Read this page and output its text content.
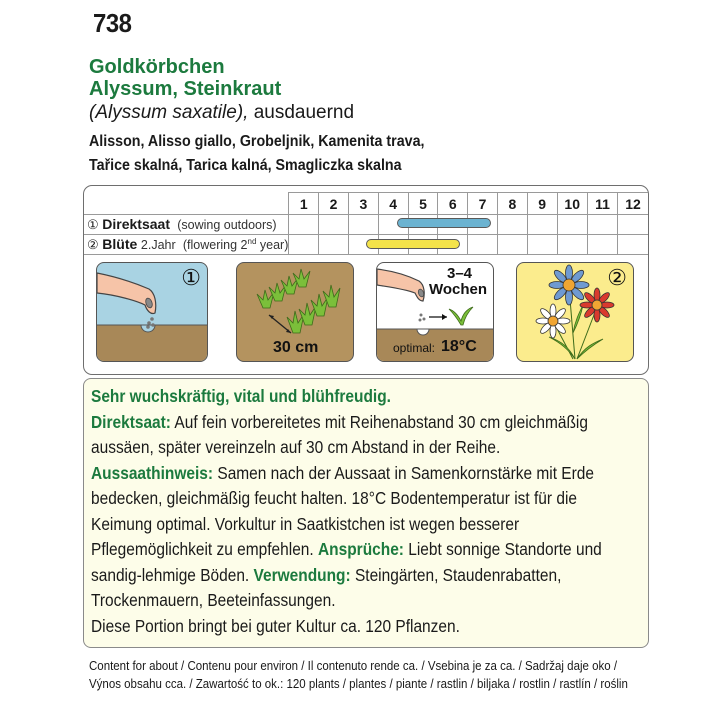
738
Goldkörbchen
Alyssum, Steinkraut
(Alyssum saxatile), ausdauernd
Alisson, Alisso giallo, Grobeljnik, Kamenita trava,
Tařice skalná, Tarica kalná, Smagliczka skalna
	1	2	3	4	5	6	7	8	9	10	11	12
① Direktsaat (sowing outdoors)												
② Blüte 2.Jahr (flowering 2nd year)												
①
30 cm
3–4
Wochen
optimal: 18°C
②

Sehr wuchskräftig, vital und blühfreudig.
Direktsaat: Auf fein vorbereitetes mit Reihenabstand 30 cm gleichmäßig aussäen, später vereinzeln auf 30 cm Abstand in der Reihe.
Aussaathinweis: Samen nach der Aussaat in Samenkornstärke mit Erde bedecken, gleichmäßig feucht halten. 18°C Bodentemperatur ist für die Keimung optimal. Vorkultur in Saatkistchen ist wegen besserer Pflegemöglichkeit zu empfehlen. Ansprüche: Liebt sonnige Standorte und sandig-lehmige Böden. Verwendung: Steingärten, Staudenrabatten, Trockenmauern, Beeteinfassungen.
Diese Portion bringt bei guter Kultur ca. 120 Pflanzen.

Content for about / Contenu pour environ / Il contenuto rende ca. / Vsebina je za ca. / Sadržaj daje oko /
Výnos obsahu cca. / Zawartość to ok.: 120 plants / plantes / piante / rastlin / biljaka / rostlin / rastlín / roślin
